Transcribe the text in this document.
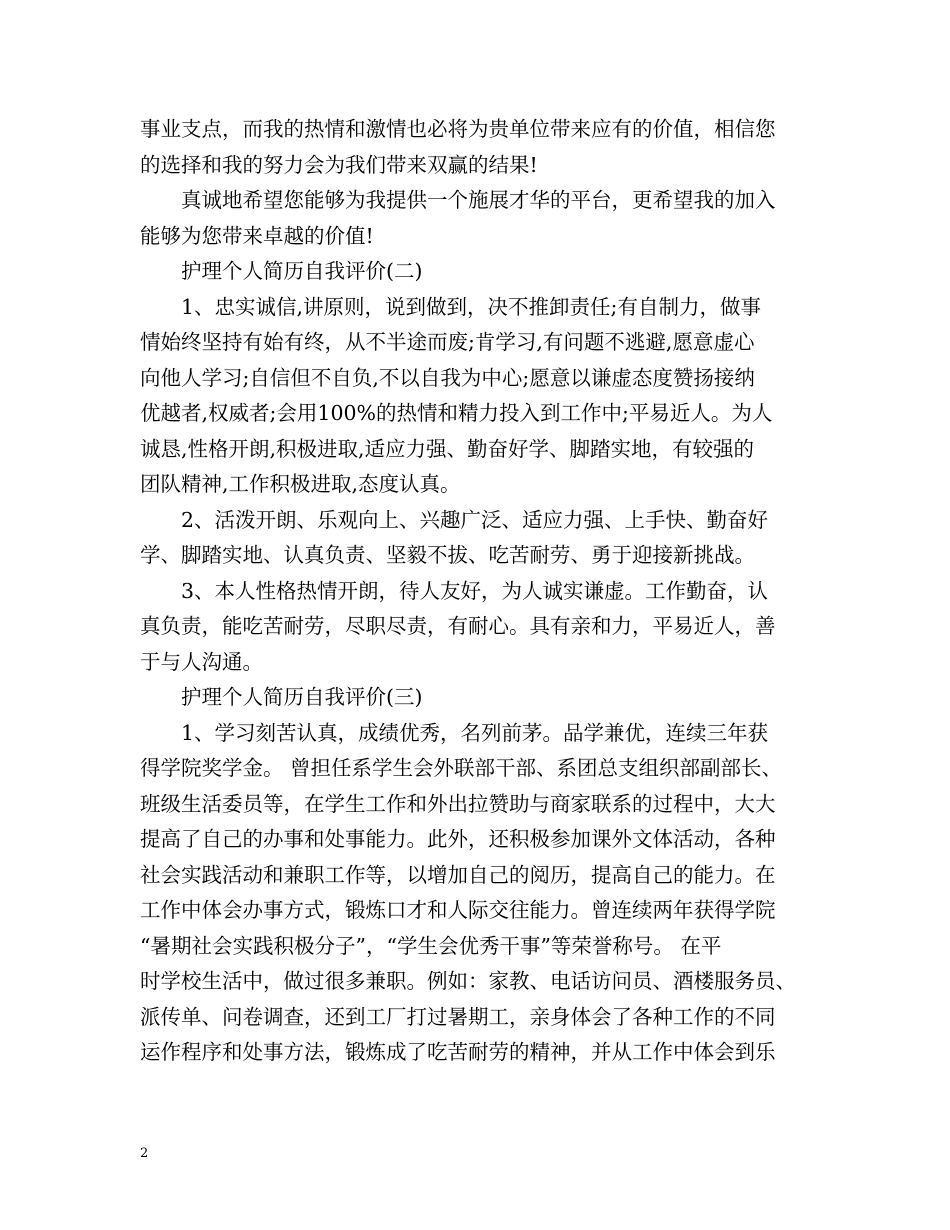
事业支点，而我的热情和激情也必将为贵单位带来应有的价值，相信您
的选择和我的努力会为我们带来双赢的结果!
真诚地希望您能够为我提供一个施展才华的平台，更希望我的加入
能够为您带来卓越的价值!
护理个人简历自我评价(二)
1、忠实诚信,讲原则，说到做到，决不推卸责任;有自制力，做事
情始终坚持有始有终，从不半途而废;肯学习,有问题不逃避,愿意虚心
向他人学习;自信但不自负,不以自我为中心;愿意以谦虚态度赞扬接纳
优越者,权威者;会用100%的热情和精力投入到工作中;平易近人。为人
诚恳,性格开朗,积极进取,适应力强、勤奋好学、脚踏实地，有较强的
团队精神,工作积极进取,态度认真。
2、活泼开朗、乐观向上、兴趣广泛、适应力强、上手快、勤奋好
学、脚踏实地、认真负责、坚毅不拔、吃苦耐劳、勇于迎接新挑战。
3、本人性格热情开朗，待人友好，为人诚实谦虚。工作勤奋，认
真负责，能吃苦耐劳，尽职尽责，有耐心。具有亲和力，平易近人，善
于与人沟通。
护理个人简历自我评价(三)
1、学习刻苦认真，成绩优秀，名列前茅。品学兼优，连续三年获
得学院奖学金。 曾担任系学生会外联部干部、系团总支组织部副部长、
班级生活委员等，在学生工作和外出拉赞助与商家联系的过程中，大大
提高了自己的办事和处事能力。此外，还积极参加课外文体活动，各种
社会实践活动和兼职工作等，以增加自己的阅历，提高自己的能力。在
工作中体会办事方式，锻炼口才和人际交往能力。曾连续两年获得学院
“暑期社会实践积极分子”，“学生会优秀干事”等荣誉称号。 在平
时学校生活中，做过很多兼职。例如：家教、电话访问员、酒楼服务员、
派传单、问卷调查，还到工厂打过暑期工，亲身体会了各种工作的不同
运作程序和处事方法，锻炼成了吃苦耐劳的精神，并从工作中体会到乐
2
